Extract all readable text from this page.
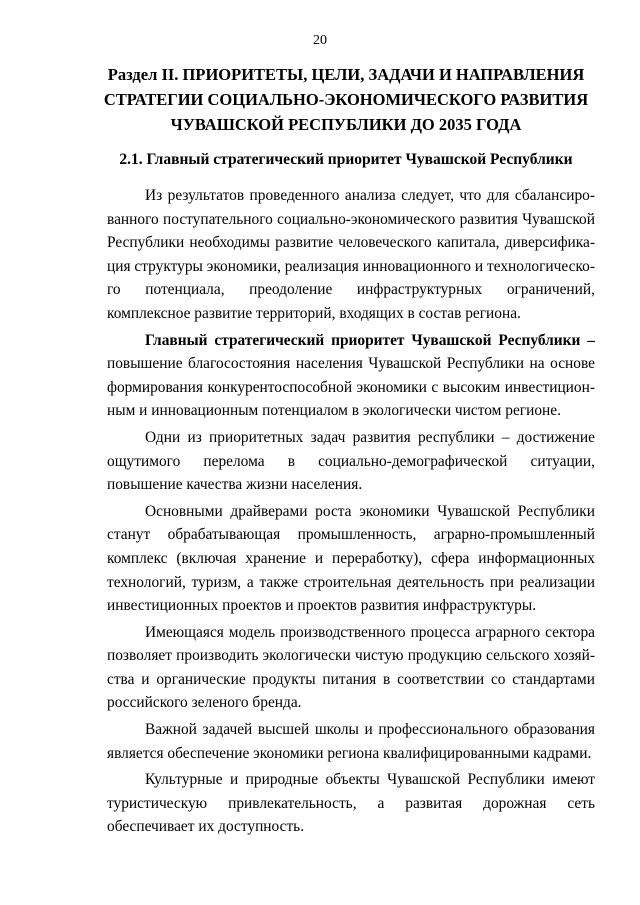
20
Раздел II. ПРИОРИТЕТЫ, ЦЕЛИ, ЗАДАЧИ И НАПРАВЛЕНИЯ
СТРАТЕГИИ СОЦИАЛЬНО-ЭКОНОМИЧЕСКОГО РАЗВИТИЯ
ЧУВАШСКОЙ РЕСПУБЛИКИ ДО 2035 ГОДА
2.1. Главный стратегический приоритет Чувашской Республики

Из результатов проведенного анализа следует, что для сбалансированного поступательного социально-экономического развития Чувашской Республики необходимы развитие человеческого капитала, диверсификация структуры экономики, реализация инновационного и технологического потенциала, преодоление инфраструктурных ограничений, комплексное развитие территорий, входящих в состав региона.

Главный стратегический приоритет Чувашской Республики – повышение благосостояния населения Чувашской Республики на основе формирования конкурентоспособной экономики с высоким инвестиционным и инновационным потенциалом в экологически чистом регионе.

Одни из приоритетных задач развития республики – достижение ощутимого перелома в социально-демографической ситуации, повышение качества жизни населения.

Основными драйверами роста экономики Чувашской Республики станут обрабатывающая промышленность, аграрно-промышленный комплекс (включая хранение и переработку), сфера информационных технологий, туризм, а также строительная деятельность при реализации инвестиционных проектов и проектов развития инфраструктуры.

Имеющаяся модель производственного процесса аграрного сектора позволяет производить экологически чистую продукцию сельского хозяйства и органические продукты питания в соответствии со стандартами российского зеленого бренда.

Важной задачей высшей школы и профессионального образования является обеспечение экономики региона квалифицированными кадрами.

Культурные и природные объекты Чувашской Республики имеют туристическую привлекательность, а развитая дорожная сеть обеспечивает их доступность.
